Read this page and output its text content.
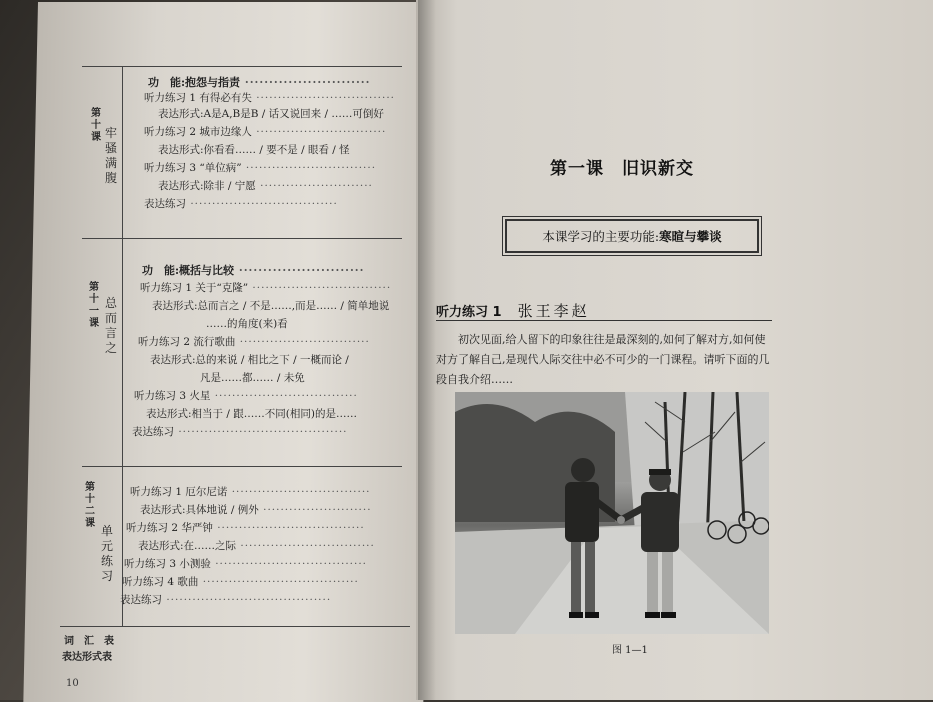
第十课 牢骚满腹
功　能:抱怨与指责 ··························
听力练习 1 有得必有失 ································
表达形式:A是A,B是B / 话又说回来 / ……可倒好
听力练习 2 城市边缘人 ······························
表达形式:你看看…… / 要不是 / 眼看 / 怪
听力练习 3 “单位病” ······························
表达形式:除非 / 宁愿 ··························
表达练习 ··································
第十一课
总而言之
功　能:概括与比较 ··························
听力练习 1 关于“克隆” ································
表达形式:总而言之 / 不是……,而是…… / 简单地说
……的角度(来)看
听力练习 2 流行歌曲 ······························
表达形式:总的来说 / 相比之下 / 一概而论 /
凡是……都…… / 未免
听力练习 3 火星 ·································
表达形式:相当于 / 跟……不同(相同)的是……
表达练习 ·······································
第十二课
单元练习
听力练习 1 厄尔尼诺 ································
表达形式:具体地说 / 例外 ·························
听力练习 2 华严钟 ··································
表达形式:在……之际 ·······························
听力练习 3 小测验 ···································
听力练习 4 歌曲 ····································
表达练习 ······································
词　汇　表
表达形式表
10
第一课　旧识新交
本课学习的主要功能: 寒暄与攀谈
听力练习 1 张王李赵
初次见面,给人留下的印象往往是最深刻的,如何了解对方,如何使对方了解自己,是现代人际交往中必不可少的一门课程。请听下面的几段自我介绍……
图 1—1
